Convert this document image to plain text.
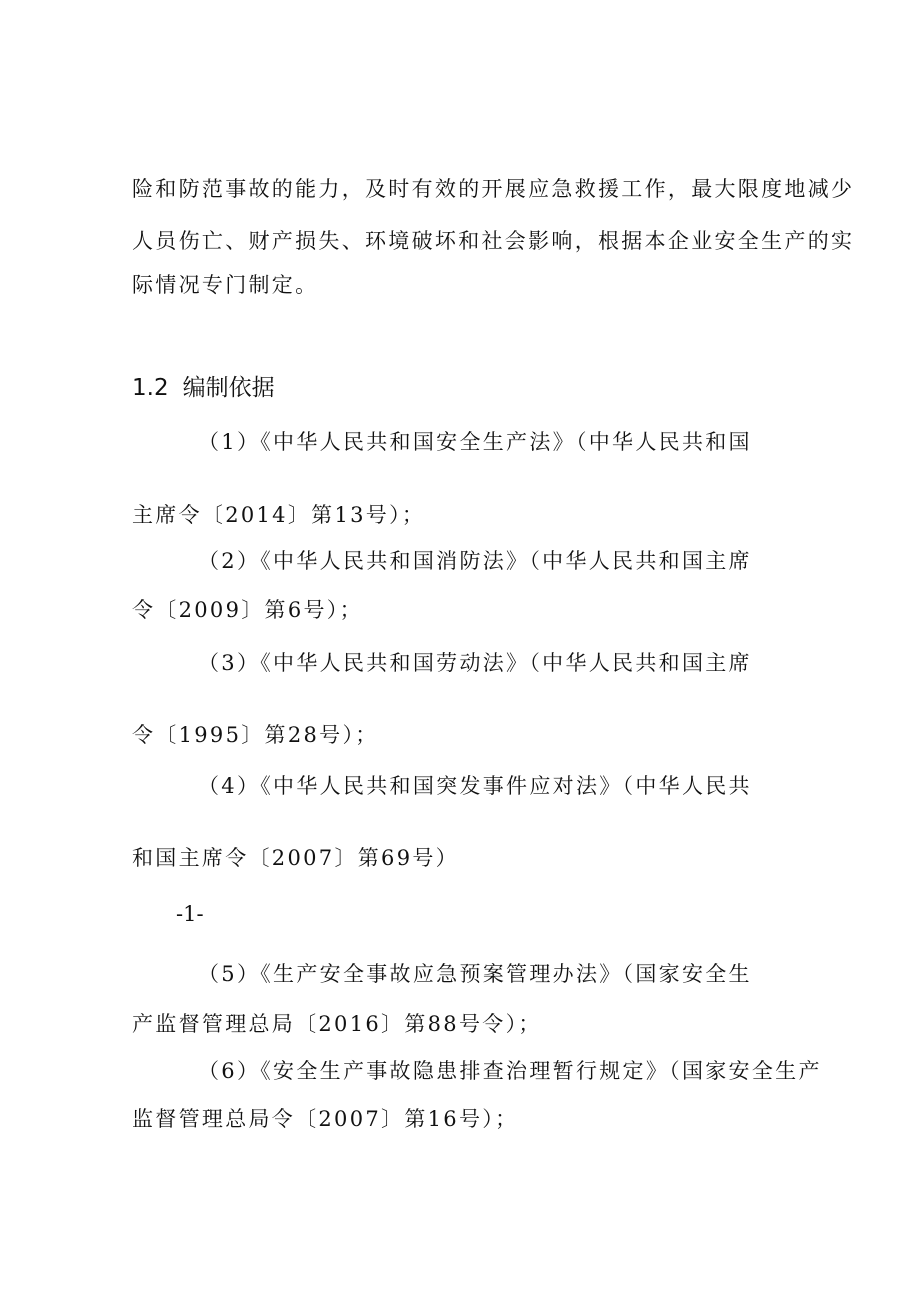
险和防范事故的能力，及时有效的开展应急救援工作，最大限度地减少
人员伤亡、财产损失、环境破坏和社会影响，根据本企业安全生产的实
际情况专门制定。
1.2 编制依据
（1）《中华人民共和国安全生产法》（中华人民共和国
主席令〔2014〕第13号）；
（2）《中华人民共和国消防法》（中华人民共和国主席
令〔2009〕第6号）；
（3）《中华人民共和国劳动法》（中华人民共和国主席
令〔1995〕第28号）；
（4）《中华人民共和国突发事件应对法》（中华人民共
和国主席令〔2007〕第69号）
-1-
（5）《生产安全事故应急预案管理办法》（国家安全生
产监督管理总局〔2016〕第88号令）；
（6）《安全生产事故隐患排查治理暂行规定》（国家安全生产
监督管理总局令〔2007〕第16号）；
